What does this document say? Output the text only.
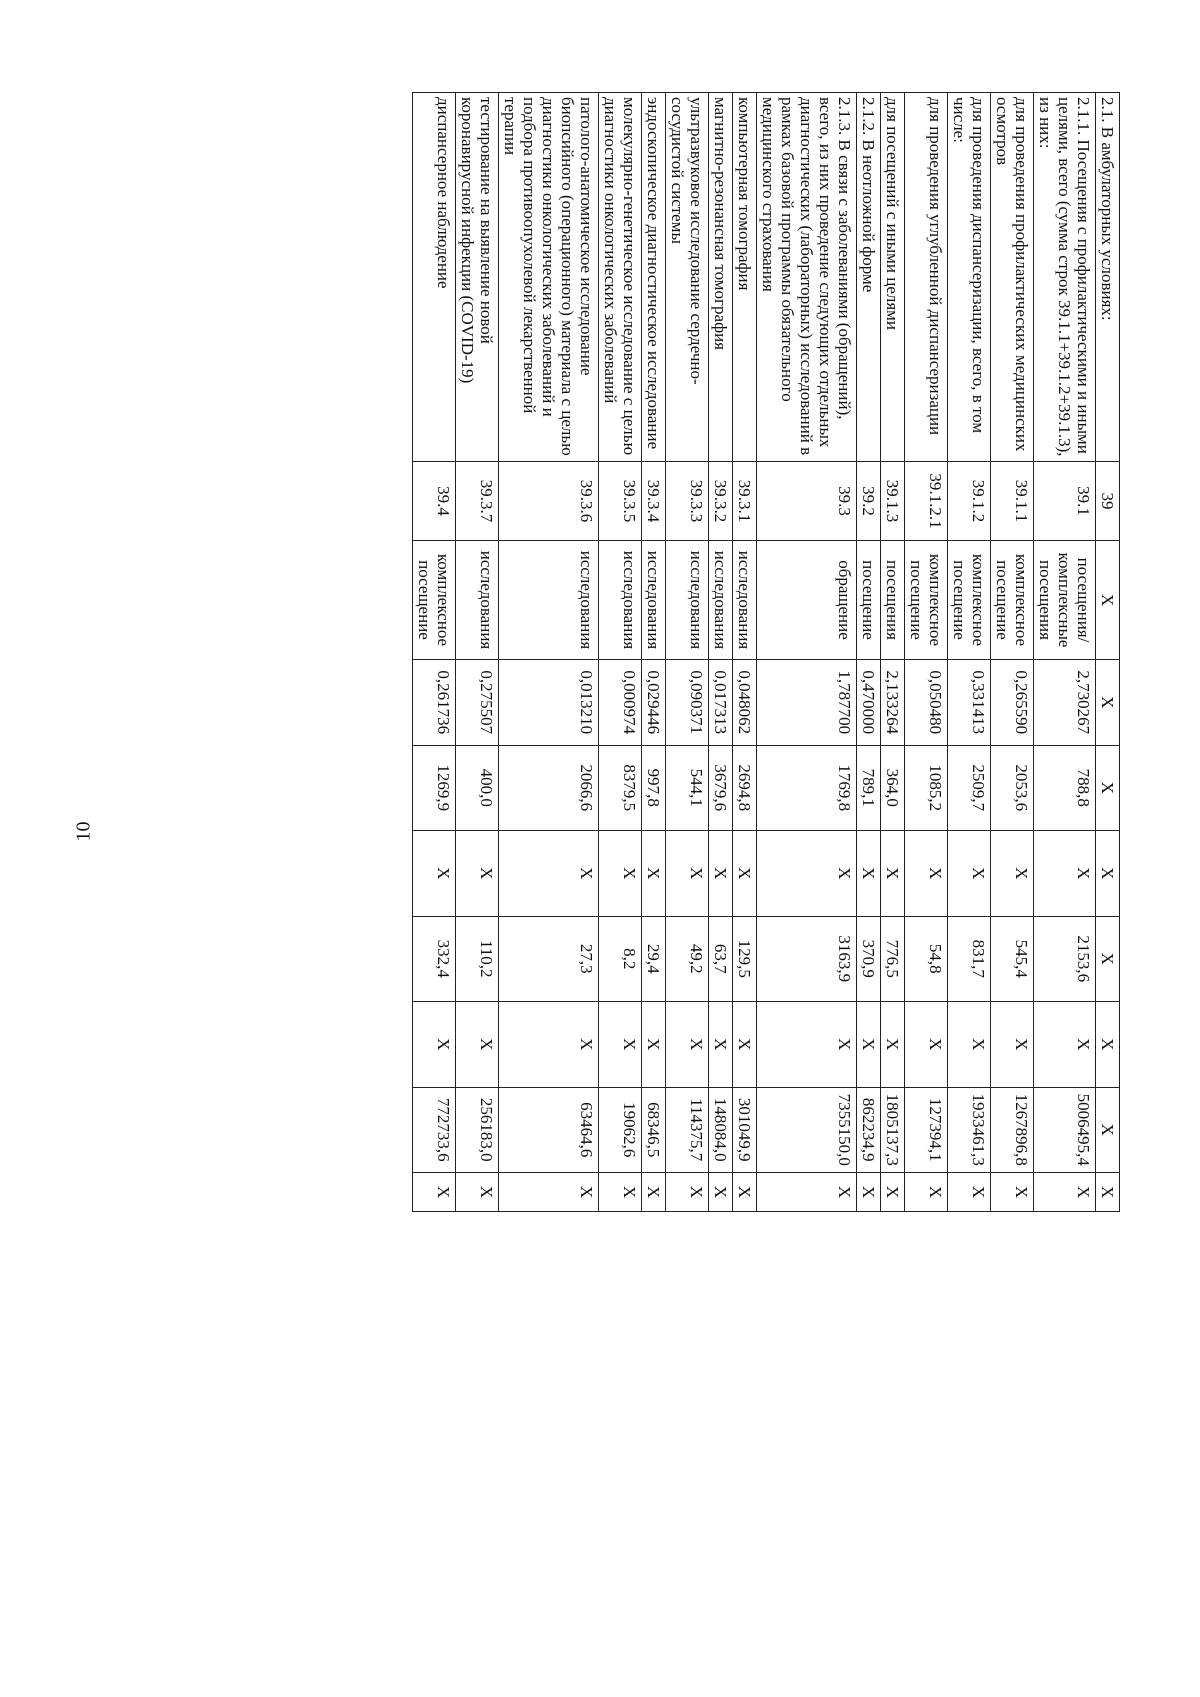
10
2.1. В амбулаторных условиях:	39	Х	Х	Х	Х	Х	Х	Х	Х
2.1.1. Посещения с профилактическими и иными целями, всего (сумма строк 39.1.1+39.1.2+39.1.3), из них:	39.1	посещения/ комплексные посещения	2,730267	788,8	Х	2153,6	Х	5006495,4	Х
для проведения профилактических медицинских осмотров	39.1.1	комплексное посещение	0,265590	2053,6	Х	545,4	Х	1267896,8	Х
для проведения диспансеризации, всего, в том числе:	39.1.2	комплексное посещение	0,331413	2509,7	Х	831,7	Х	1933461,3	Х
для проведения углубленной диспансеризации	39.1.2.1	комплексное посещение	0,050480	1085,2	Х	54,8	Х	127394,1	Х
для посещений с иными целями	39.1.3	посещения	2,133264	364,0	Х	776,5	Х	1805137,3	Х
2.1.2. В неотложной форме	39.2	посещение	0,470000	789,1	Х	370,9	Х	862234,9	Х
2.1.3. В связи с заболеваниями (обращений), всего, из них проведение следующих отдельных диагностических (лабораторных) исследований в рамках базовой программы обязательного медицинского страхования	39.3	обращение	1,787700	1769,8	Х	3163,9	Х	7355150,0	Х
компьютерная томография	39.3.1	исследования	0,048062	2694,8	Х	129,5	Х	301049,9	Х
магнитно-резонансная томография	39.3.2	исследования	0,017313	3679,6	Х	63,7	Х	148084,0	Х
ультразвуковое исследование сердечно-сосудистой системы	39.3.3	исследования	0,090371	544,1	Х	49,2	Х	114375,7	Х
эндоскопическое диагностическое исследование	39.3.4	исследования	0,029446	997,8	Х	29,4	Х	68346,5	Х
молекулярно-генетическое исследование с целью диагностики онкологических заболеваний	39.3.5	исследования	0,000974	8379,5	Х	8,2	Х	19062,6	Х
патолого-анатомическое исследование биопсийного (операционного) материала с целью диагностики онкологических заболеваний и подбора противоопухолевой лекарственной терапии	39.3.6	исследования	0,013210	2066,6	Х	27,3	Х	63464,6	Х
тестирование на выявление новой коронавирусной инфекции (COVID-19)	39.3.7	исследования	0,275507	400,0	Х	110,2	Х	256183,0	Х
диспансерное наблюдение	39.4	комплексное посещение	0,261736	1269,9	Х	332,4	Х	772733,6	Х
